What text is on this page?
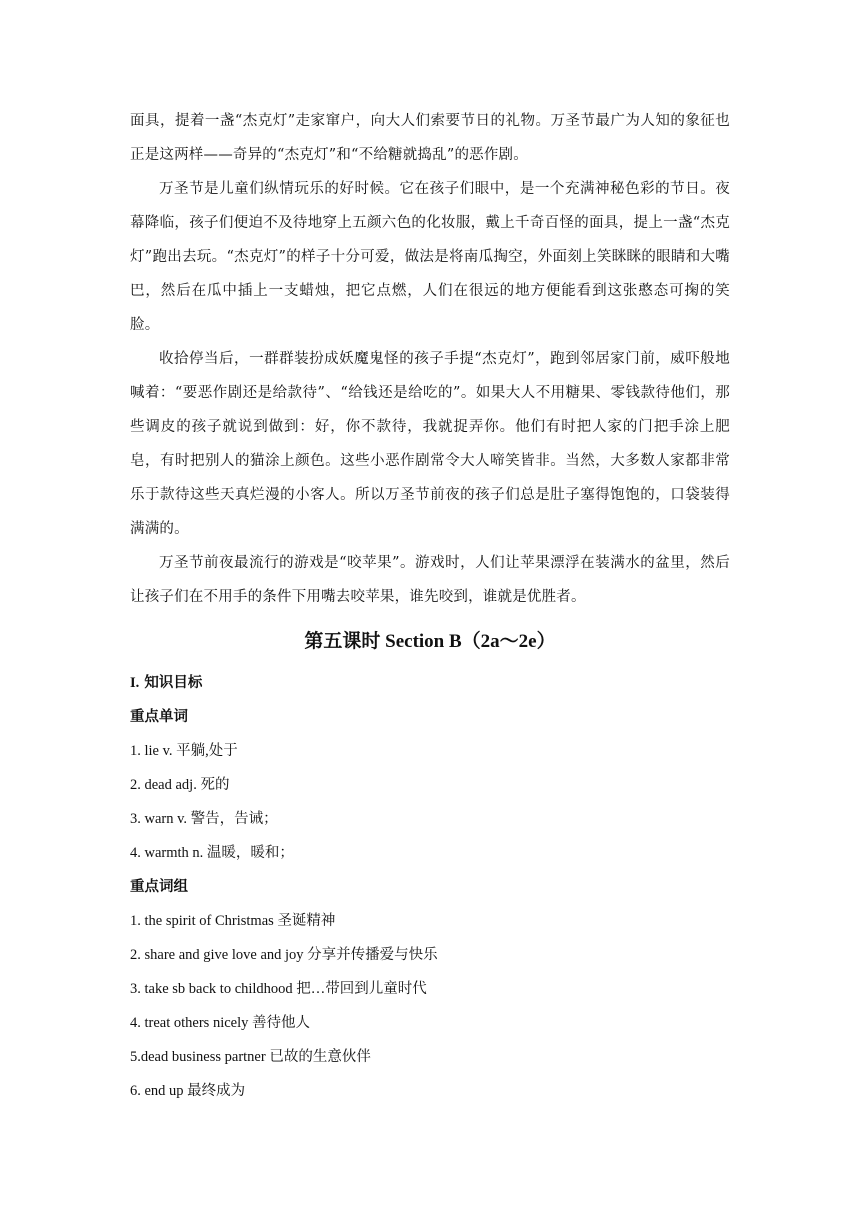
面具，提着一盏“杰克灯”走家窜户，向大人们索要节日的礼物。万圣节最广为人知的象征也正是这两样——奇异的“杰克灯”和“不给糖就捣乱”的恶作剧。

万圣节是儿童们纵情玩乐的好时候。它在孩子们眼中，是一个充满神秘色彩的节日。夜幕降临，孩子们便迫不及待地穿上五颜六色的化妆服，戴上千奇百怪的面具，提上一盏“杰克灯”跑出去玩。“杰克灯”的样子十分可爱，做法是将南瓜掏空，外面刻上笑眯眯的眼睛和大嘴巴，然后在瓜中插上一支蜡烛，把它点燃，人们在很远的地方便能看到这张憨态可掬的笑脸。

收拾停当后，一群群装扮成妖魔鬼怪的孩子手提“杰克灯”，跑到邻居家门前，威吓般地喊着：“要恶作剧还是给款待”、“给钱还是给吃的”。如果大人不用糖果、零钱款待他们，那些调皮的孩子就说到做到：好，你不款待，我就捉弄你。他们有时把人家的门把手涂上肥皂，有时把别人的猫涂上颜色。这些小恶作剧常令大人啼笑皆非。当然，大多数人家都非常乐于款待这些天真烂漫的小客人。所以万圣节前夜的孩子们总是肚子塞得饱饱的，口袋装得满满的。

万圣节前夜最流行的游戏是“咬苹果”。游戏时，人们让苹果漂浮在装满水的盆里，然后让孩子们在不用手的条件下用嘴去咬苹果，谁先咬到，谁就是优胜者。

第五课时 Section B（2a～2e）

I. 知识目标

重点单词

1. lie v. 平躺,处于
2. dead adj. 死的
3. warn v. 警告，告诫；
4. warmth n. 温暖，暖和；

重点词组

1. the spirit of Christmas 圣诞精神
2. share and give love and joy 分享并传播爱与快乐
3. take sb back to childhood 把…带回到儿童时代
4. treat others nicely 善待他人
5.dead business partner 已故的生意伙伴
6. end up 最终成为
